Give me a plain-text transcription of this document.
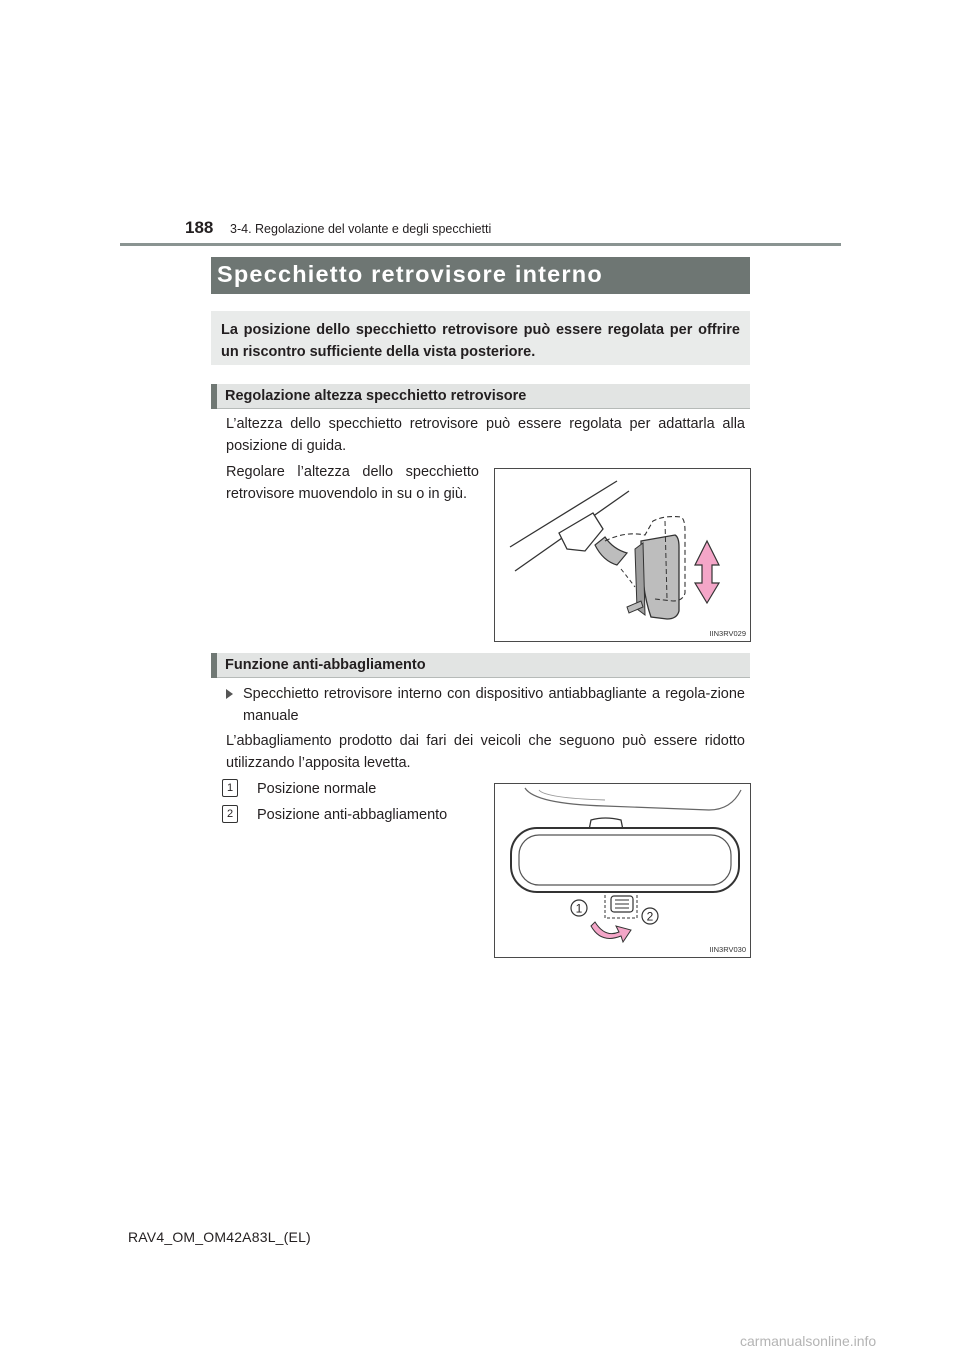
188 3-4. Regolazione del volante e degli specchietti
Specchietto retrovisore interno
La posizione dello specchietto retrovisore può essere regolata per offrire un riscontro sufficiente della vista posteriore.
Regolazione altezza specchietto retrovisore
L’altezza dello specchietto retrovisore può essere regolata per adattarla alla posizione di guida.
Regolare l’altezza dello specchietto retrovisore muovendolo in su o in giù.
IIN3RV029
Funzione anti-abbagliamento
Specchietto retrovisore interno con dispositivo antiabbagliante a regola-zione manuale
L’abbagliamento prodotto dai fari dei veicoli che seguono può essere ridotto utilizzando l’apposita levetta.
1	Posizione normale
2	Posizione anti-abbagliamento
1
2
IIN3RV030
RAV4_OM_OM42A83L_(EL)
carmanualsonline.info
